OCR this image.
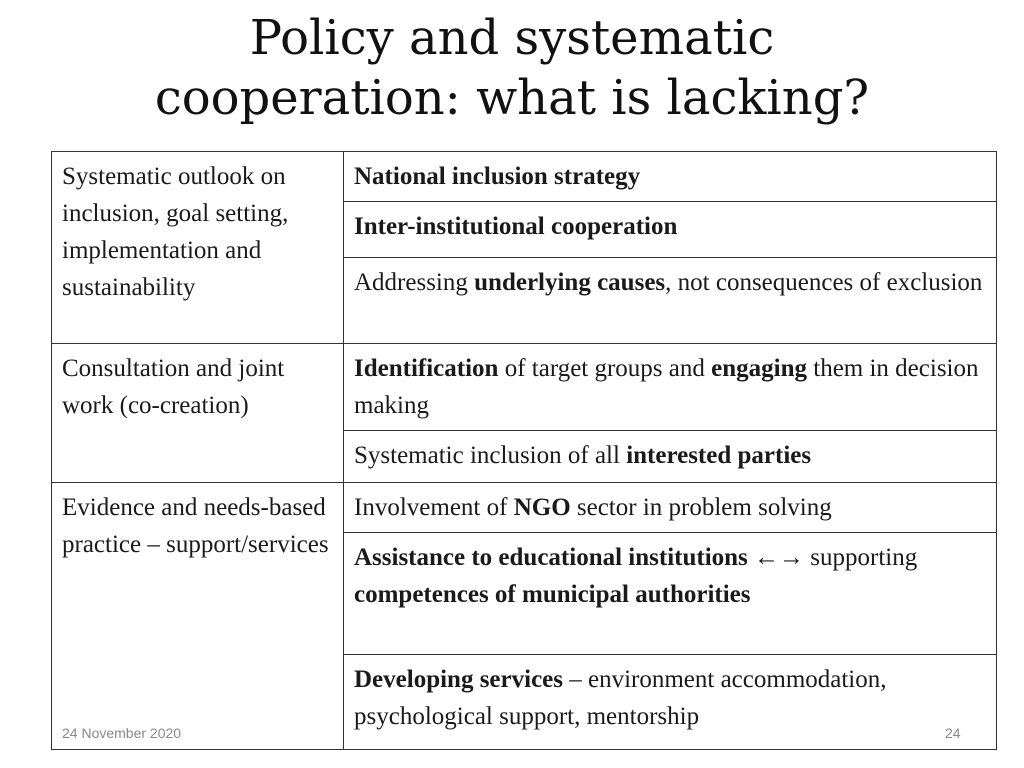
Policy and systematic
cooperation: what is lacking?
Systematic outlook on inclusion, goal setting, implementation and sustainability	National inclusion strategy
	Inter-institutional cooperation
	Addressing underlying causes, not consequences of exclusion
Consultation and joint work (co-creation)	Identification of target groups and engaging them in decision making
	Systematic inclusion of all interested parties
Evidence and needs-based practice – support/services	Involvement of NGO sector in problem solving
	Assistance to educational institutions ←→ supporting competences of municipal authorities
	Developing services – environment accommodation, psychological support, mentorship
24 November 2020	24
